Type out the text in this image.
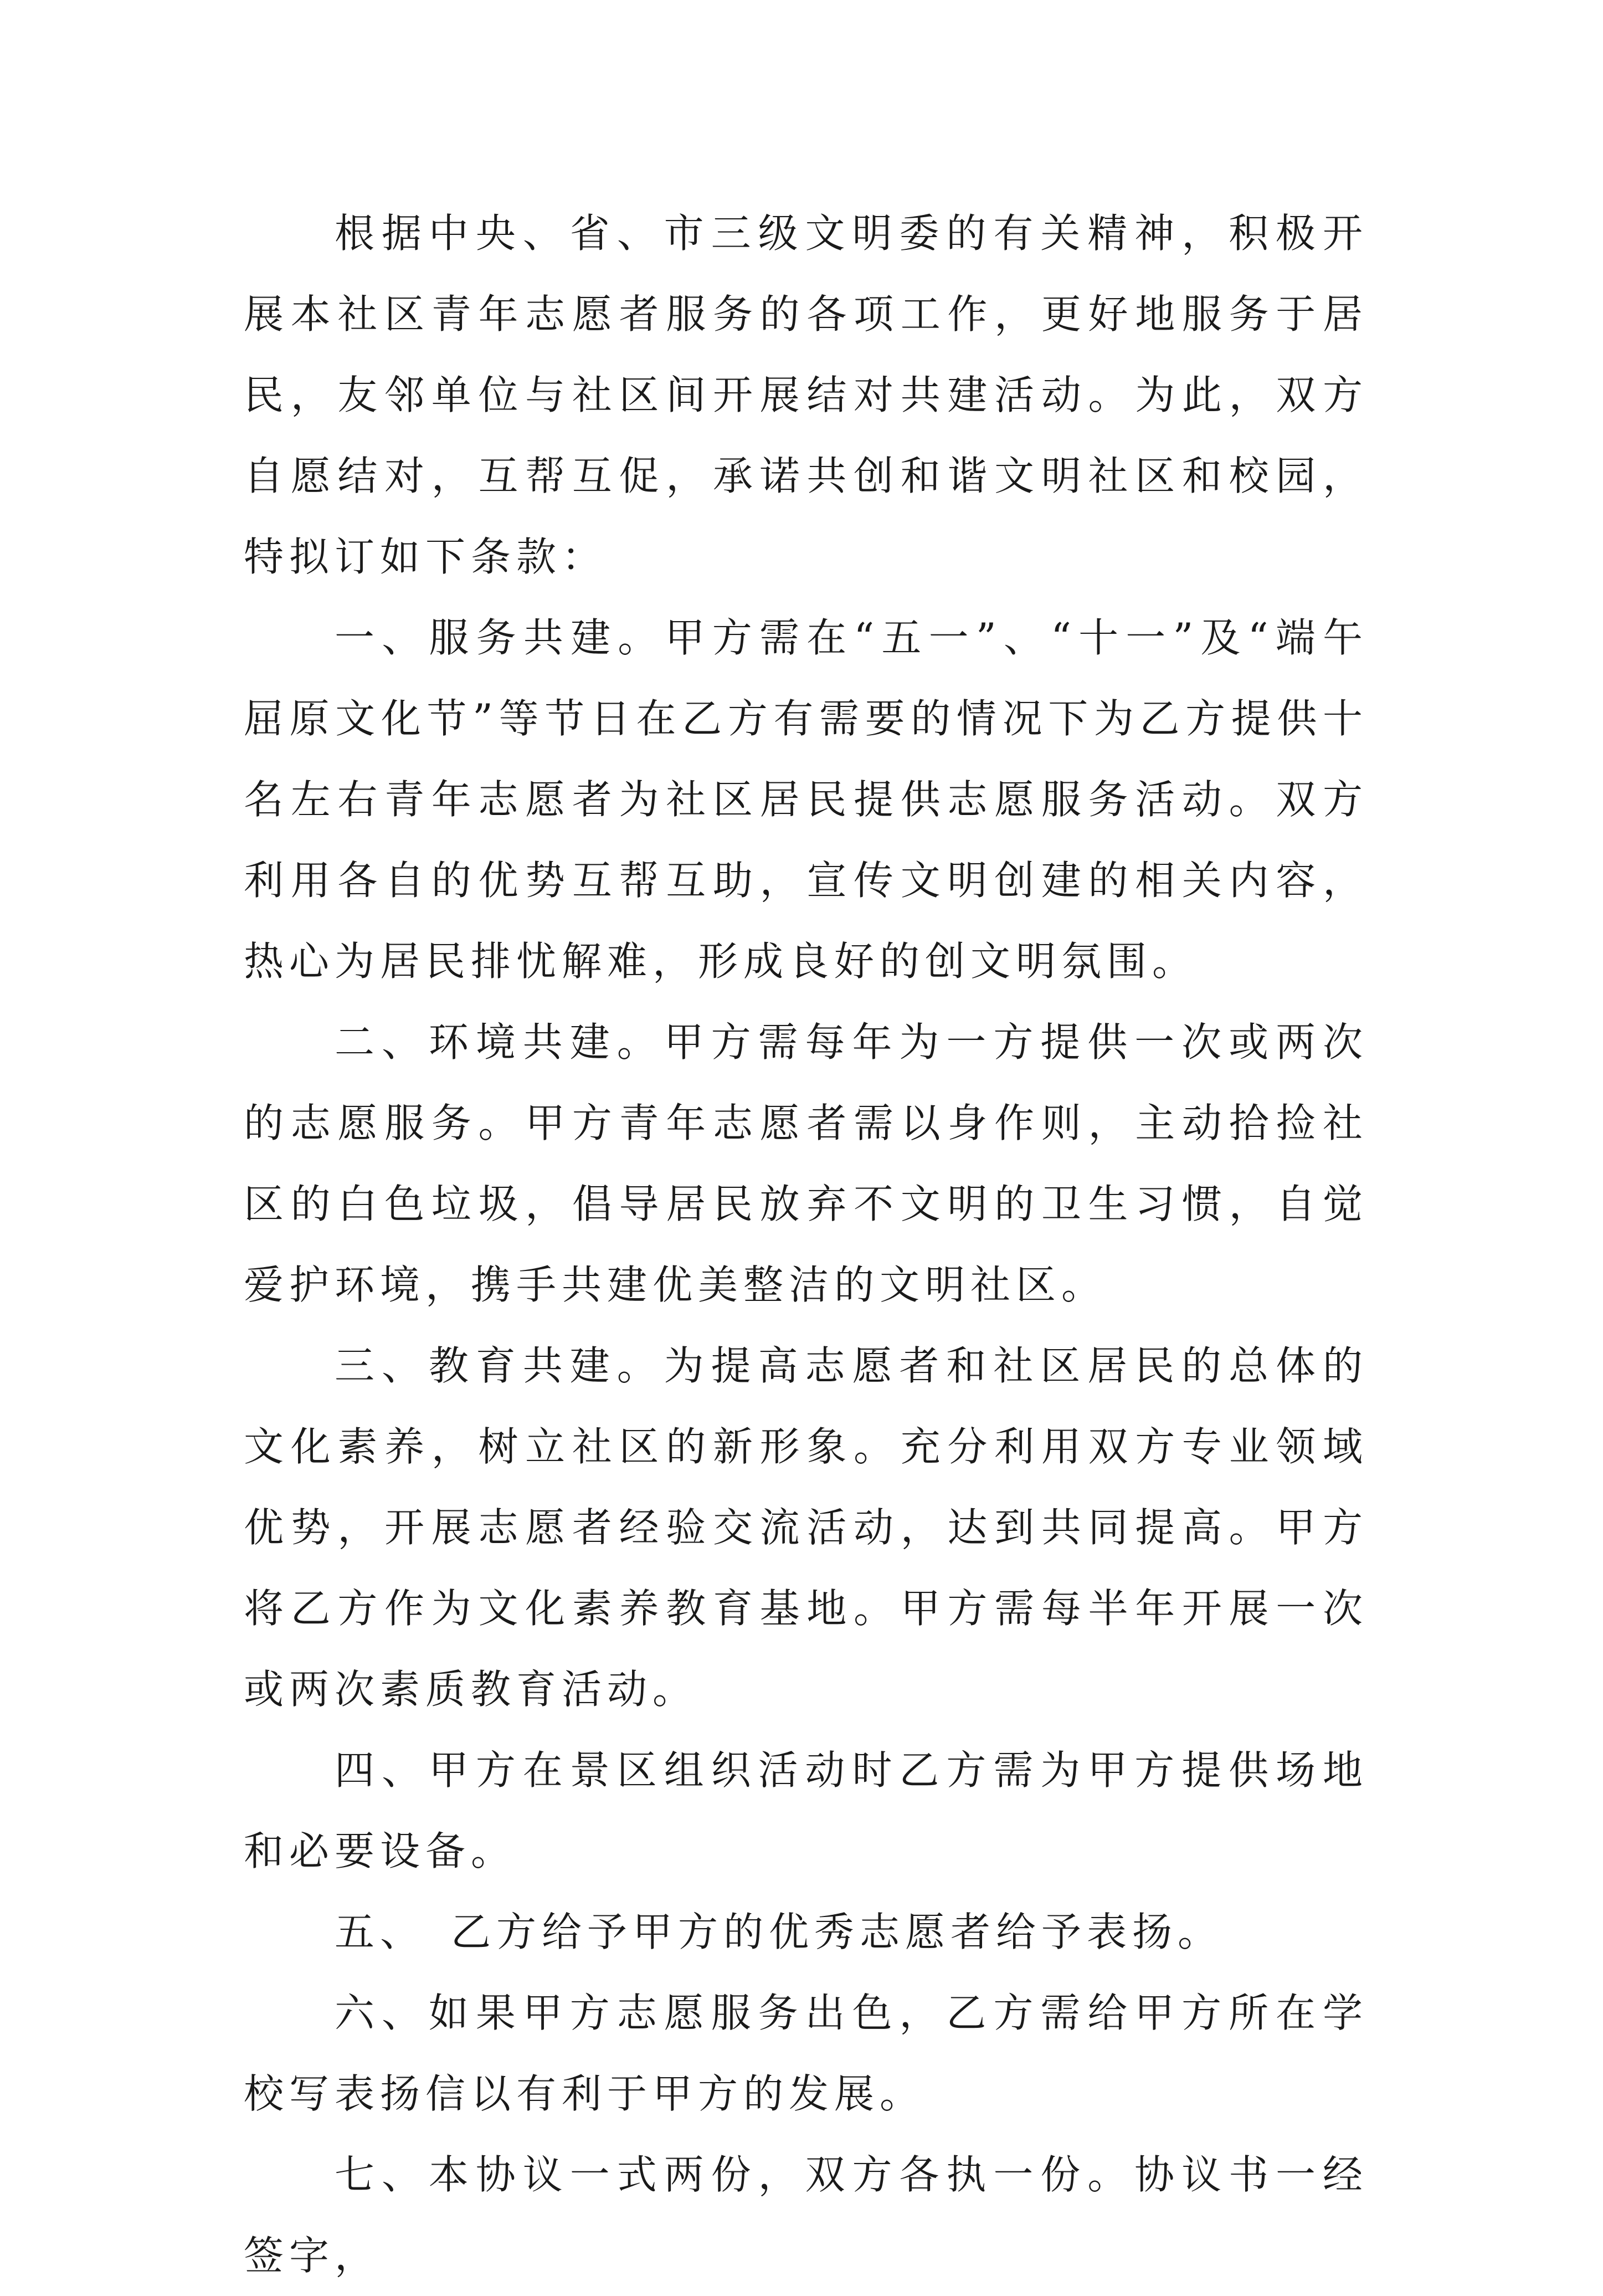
根据中央、省、市三级文明委的有关精神，积极开展本社区青年志愿者服务的各项工作，更好地服务于居民，友邻单位与社区间开展结对共建活动。为此，双方自愿结对，互帮互促，承诺共创和谐文明社区和校园，特拟订如下条款：

一、服务共建。甲方需在“五一”、“十一”及“端午屈原文化节”等节日在乙方有需要的情况下为乙方提供十名左右青年志愿者为社区居民提供志愿服务活动。双方利用各自的优势互帮互助，宣传文明创建的相关内容，热心为居民排忧解难，形成良好的创文明氛围。

二、环境共建。甲方需每年为一方提供一次或两次的志愿服务。甲方青年志愿者需以身作则，主动拾捡社区的白色垃圾，倡导居民放弃不文明的卫生习惯，自觉爱护环境，携手共建优美整洁的文明社区。

三、教育共建。为提高志愿者和社区居民的总体的文化素养，树立社区的新形象。充分利用双方专业领域优势，开展志愿者经验交流活动，达到共同提高。甲方将乙方作为文化素养教育基地。甲方需每半年开展一次或两次素质教育活动。

四、甲方在景区组织活动时乙方需为甲方提供场地和必要设备。

五、　乙方给予甲方的优秀志愿者给予表扬。

六、如果甲方志愿服务出色，乙方需给甲方所在学校写表扬信以有利于甲方的发展。

七、本协议一式两份，双方各执一份。协议书一经签字，
